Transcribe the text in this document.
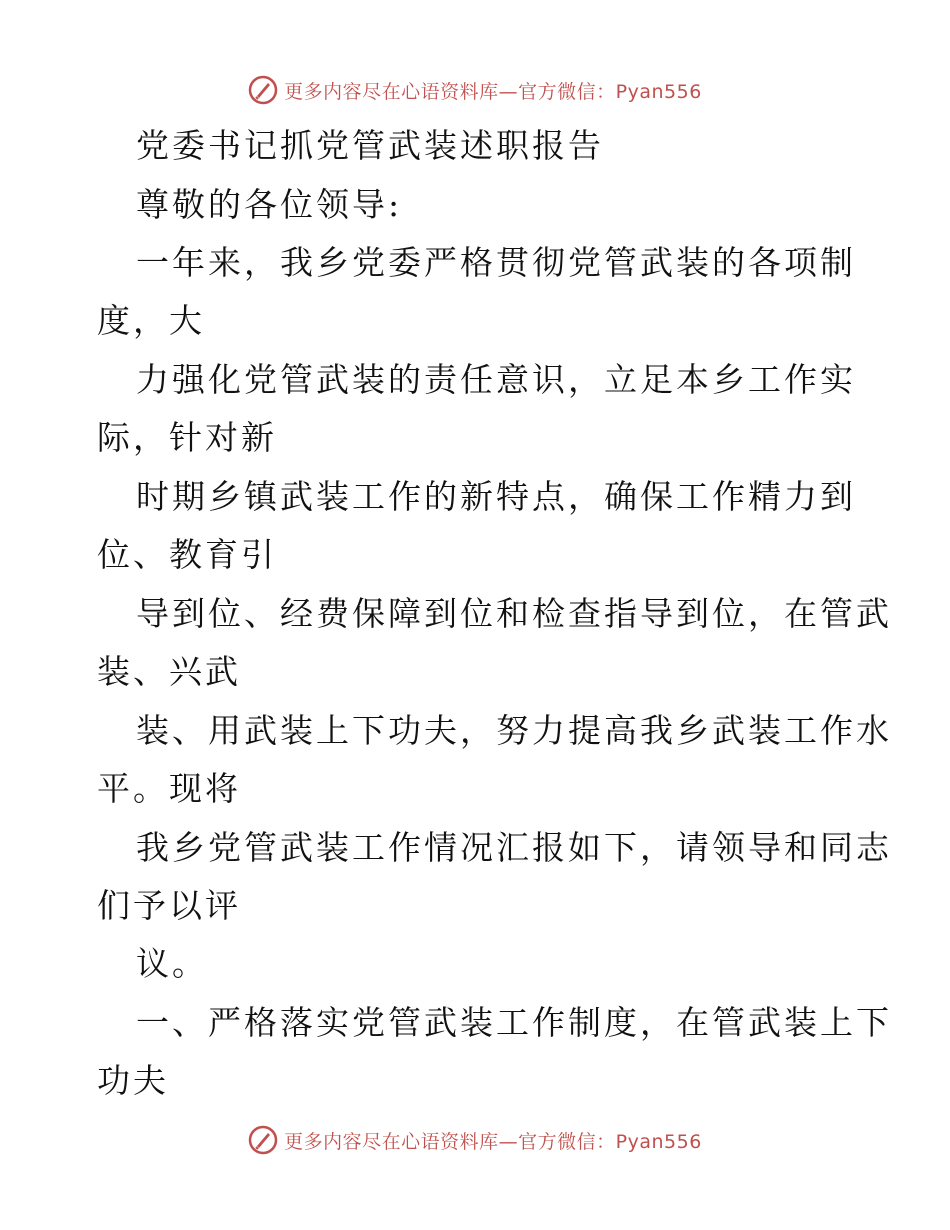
更多内容尽在心语资料库—官方微信：Pyan556
党委书记抓党管武装述职报告
尊敬的各位领导:
一年来，我乡党委严格贯彻党管武装的各项制
度，大
力强化党管武装的责任意识，立足本乡工作实
际，针对新
时期乡镇武装工作的新特点，确保工作精力到
位、教育引
导到位、经费保障到位和检查指导到位，在管武
装、兴武
装、用武装上下功夫，努力提高我乡武装工作水
平。现将
我乡党管武装工作情况汇报如下，请领导和同志
们予以评
议。
一、严格落实党管武装工作制度，在管武装上下
功夫
更多内容尽在心语资料库—官方微信：Pyan556
